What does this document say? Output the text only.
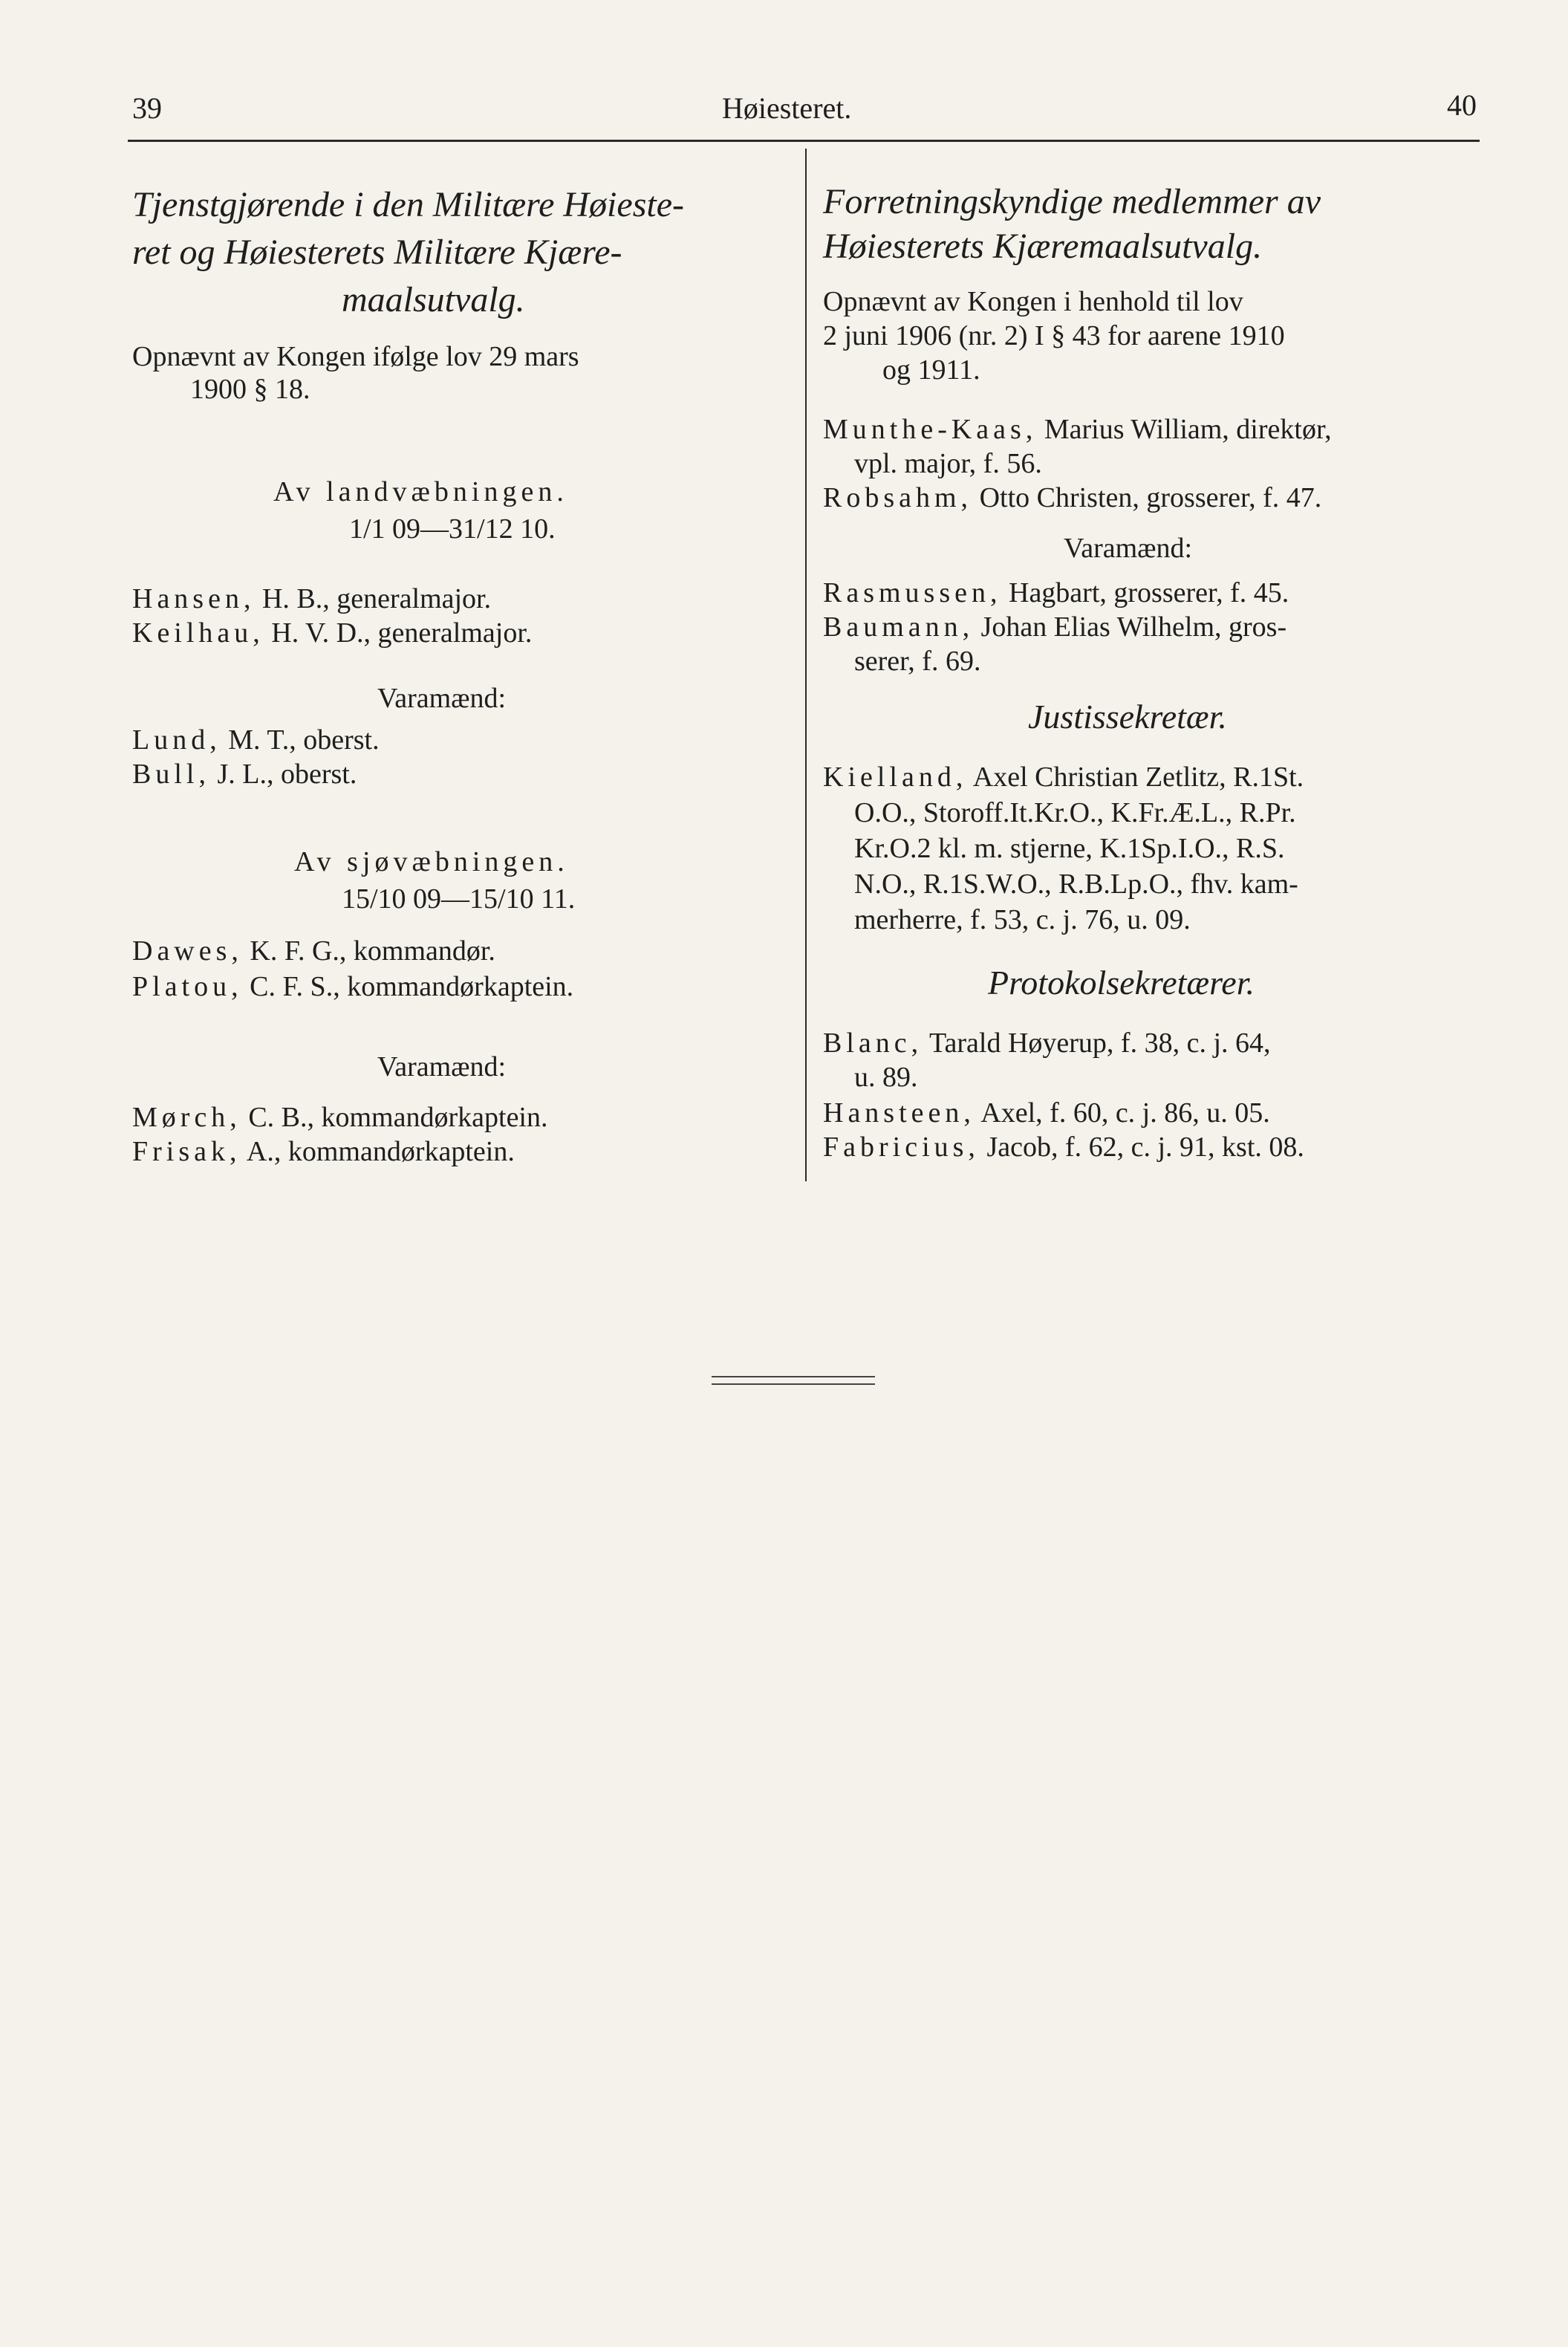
39	Høiesteret.	40
Tjenstgjørende i den Militære Høieste-
ret og Høiesterets Militære Kjære-
maalsutvalg.
Opnævnt av Kongen ifølge lov 29 mars
1900 § 18.
Av landvæbningen.
1/1 09—31/12 10.
Hansen, H. B., generalmajor.
Keilhau, H. V. D., generalmajor.
Varamænd:
Lund, M. T., oberst.
Bull, J. L., oberst.
Av sjøvæbningen.
15/10 09—15/10 11.
Dawes, K. F. G., kommandør.
Platou, C. F. S., kommandørkaptein.
Varamænd:
Mørch, C. B., kommandørkaptein.
Frisak, A., kommandørkaptein.
Forretningskyndige medlemmer av
Høiesterets Kjæremaalsutvalg.
Opnævnt av Kongen i henhold til lov
2 juni 1906 (nr. 2) I § 43 for aarene 1910
og 1911.
Munthe-Kaas, Marius William, direktør,
vpl. major, f. 56.
Robsahm, Otto Christen, grosserer, f. 47.
Varamænd:
Rasmussen, Hagbart, grosserer, f. 45.
Baumann, Johan Elias Wilhelm, gros-
serer, f. 69.
Justissekretær.
Kielland, Axel Christian Zetlitz, R.1St.
O.O., Storoff.It.Kr.O., K.Fr.Æ.L., R.Pr.
Kr.O.2 kl. m. stjerne, K.1Sp.I.O., R.S.
N.O., R.1S.W.O., R.B.Lp.O., fhv. kam-
merherre, f. 53, c. j. 76, u. 09.
Protokolsekretærer.
Blanc, Tarald Høyerup, f. 38, c. j. 64,
u. 89.
Hansteen, Axel, f. 60, c. j. 86, u. 05.
Fabricius, Jacob, f. 62, c. j. 91, kst. 08.
